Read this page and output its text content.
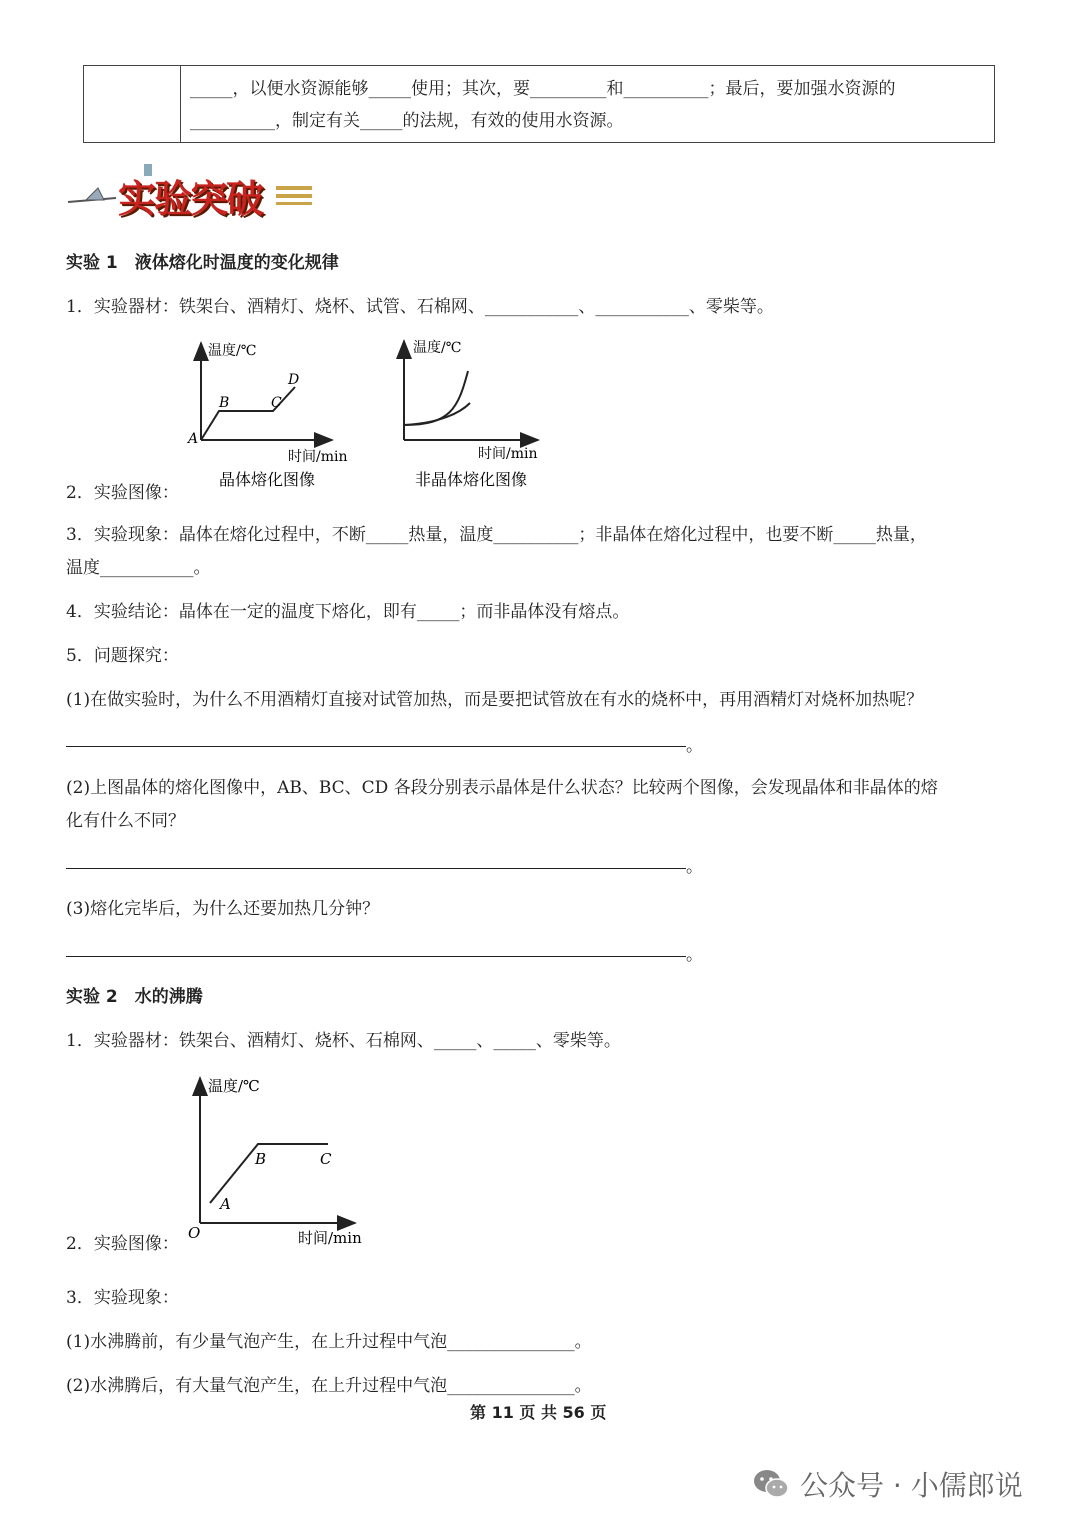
_____，以便水资源能够_____使用；其次，要_________和__________；最后，要加强水资源的
__________，制定有关_____的法规，有效的使用水资源。
实验突破
实验 1　液体熔化时温度的变化规律
1．实验器材：铁架台、酒精灯、烧杯、试管、石棉网、___________、___________、零柴等。
温度/℃
时间/min
A
B	C
D
晶体熔化图像
温度/℃
时间/min
非晶体熔化图像
2．实验图像：
3．实验现象：晶体在熔化过程中，不断_____热量，温度__________；非晶体在熔化过程中，也要不断_____热量，
温度___________。
4．实验结论：晶体在一定的温度下熔化，即有_____；而非晶体没有熔点。
5．问题探究：
(1)在做实验时，为什么不用酒精灯直接对试管加热，而是要把试管放在有水的烧杯中，再用酒精灯对烧杯加热呢？
。
(2)上图晶体的熔化图像中，AB、BC、CD 各段分别表示晶体是什么状态？比较两个图像，会发现晶体和非晶体的熔
化有什么不同？
。
(3)熔化完毕后，为什么还要加热几分钟？
。
实验 2　水的沸腾
1．实验器材：铁架台、酒精灯、烧杯、石棉网、_____、_____、零柴等。
温度/℃
时间/min
O
A
B	C
2．实验图像：
3．实验现象：
(1)水沸腾前，有少量气泡产生，在上升过程中气泡_______________。
(2)水沸腾后，有大量气泡产生，在上升过程中气泡_______________。
第 11 页 共 56 页
公众号 · 小儒郎说
